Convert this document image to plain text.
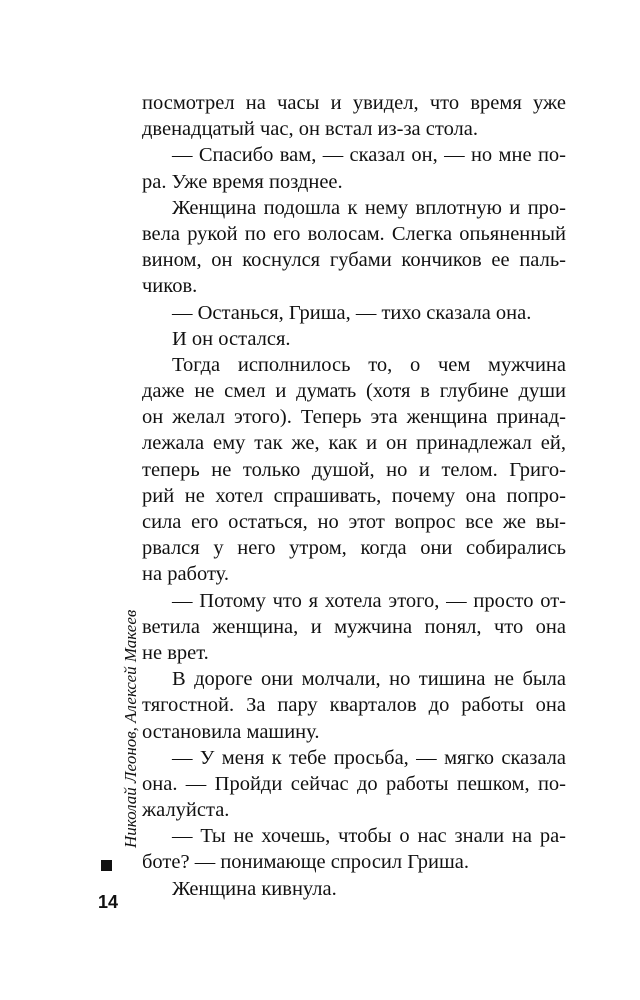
посмотрел на часы и увидел, что время уже
двенадцатый час, он встал из-за стола.
— Спасибо вам, — сказал он, — но мне по-
ра. Уже время позднее.
Женщина подошла к нему вплотную и про-
вела рукой по его волосам. Слегка опьяненный
вином, он коснулся губами кончиков ее паль-
чиков.
— Останься, Гриша, — тихо сказала она.
И он остался.
Тогда исполнилось то, о чем мужчина
даже не смел и думать (хотя в глубине души
он желал этого). Теперь эта женщина принад-
лежала ему так же, как и он принадлежал ей,
теперь не только душой, но и телом. Григо-
рий не хотел спрашивать, почему она попро-
сила его остаться, но этот вопрос все же вы-
рвался у него утром, когда они собирались
на работу.
— Потому что я хотела этого, — просто от-
ветила женщина, и мужчина понял, что она
не врет.
В дороге они молчали, но тишина не была
тягостной. За пару кварталов до работы она
остановила машину.
— У меня к тебе просьба, — мягко сказала
она. — Пройди сейчас до работы пешком, по-
жалуйста.
— Ты не хочешь, чтобы о нас знали на ра-
боте? — понимающе спросил Гриша.
Женщина кивнула.
Николай Леонов, Алексей Макеев
14
